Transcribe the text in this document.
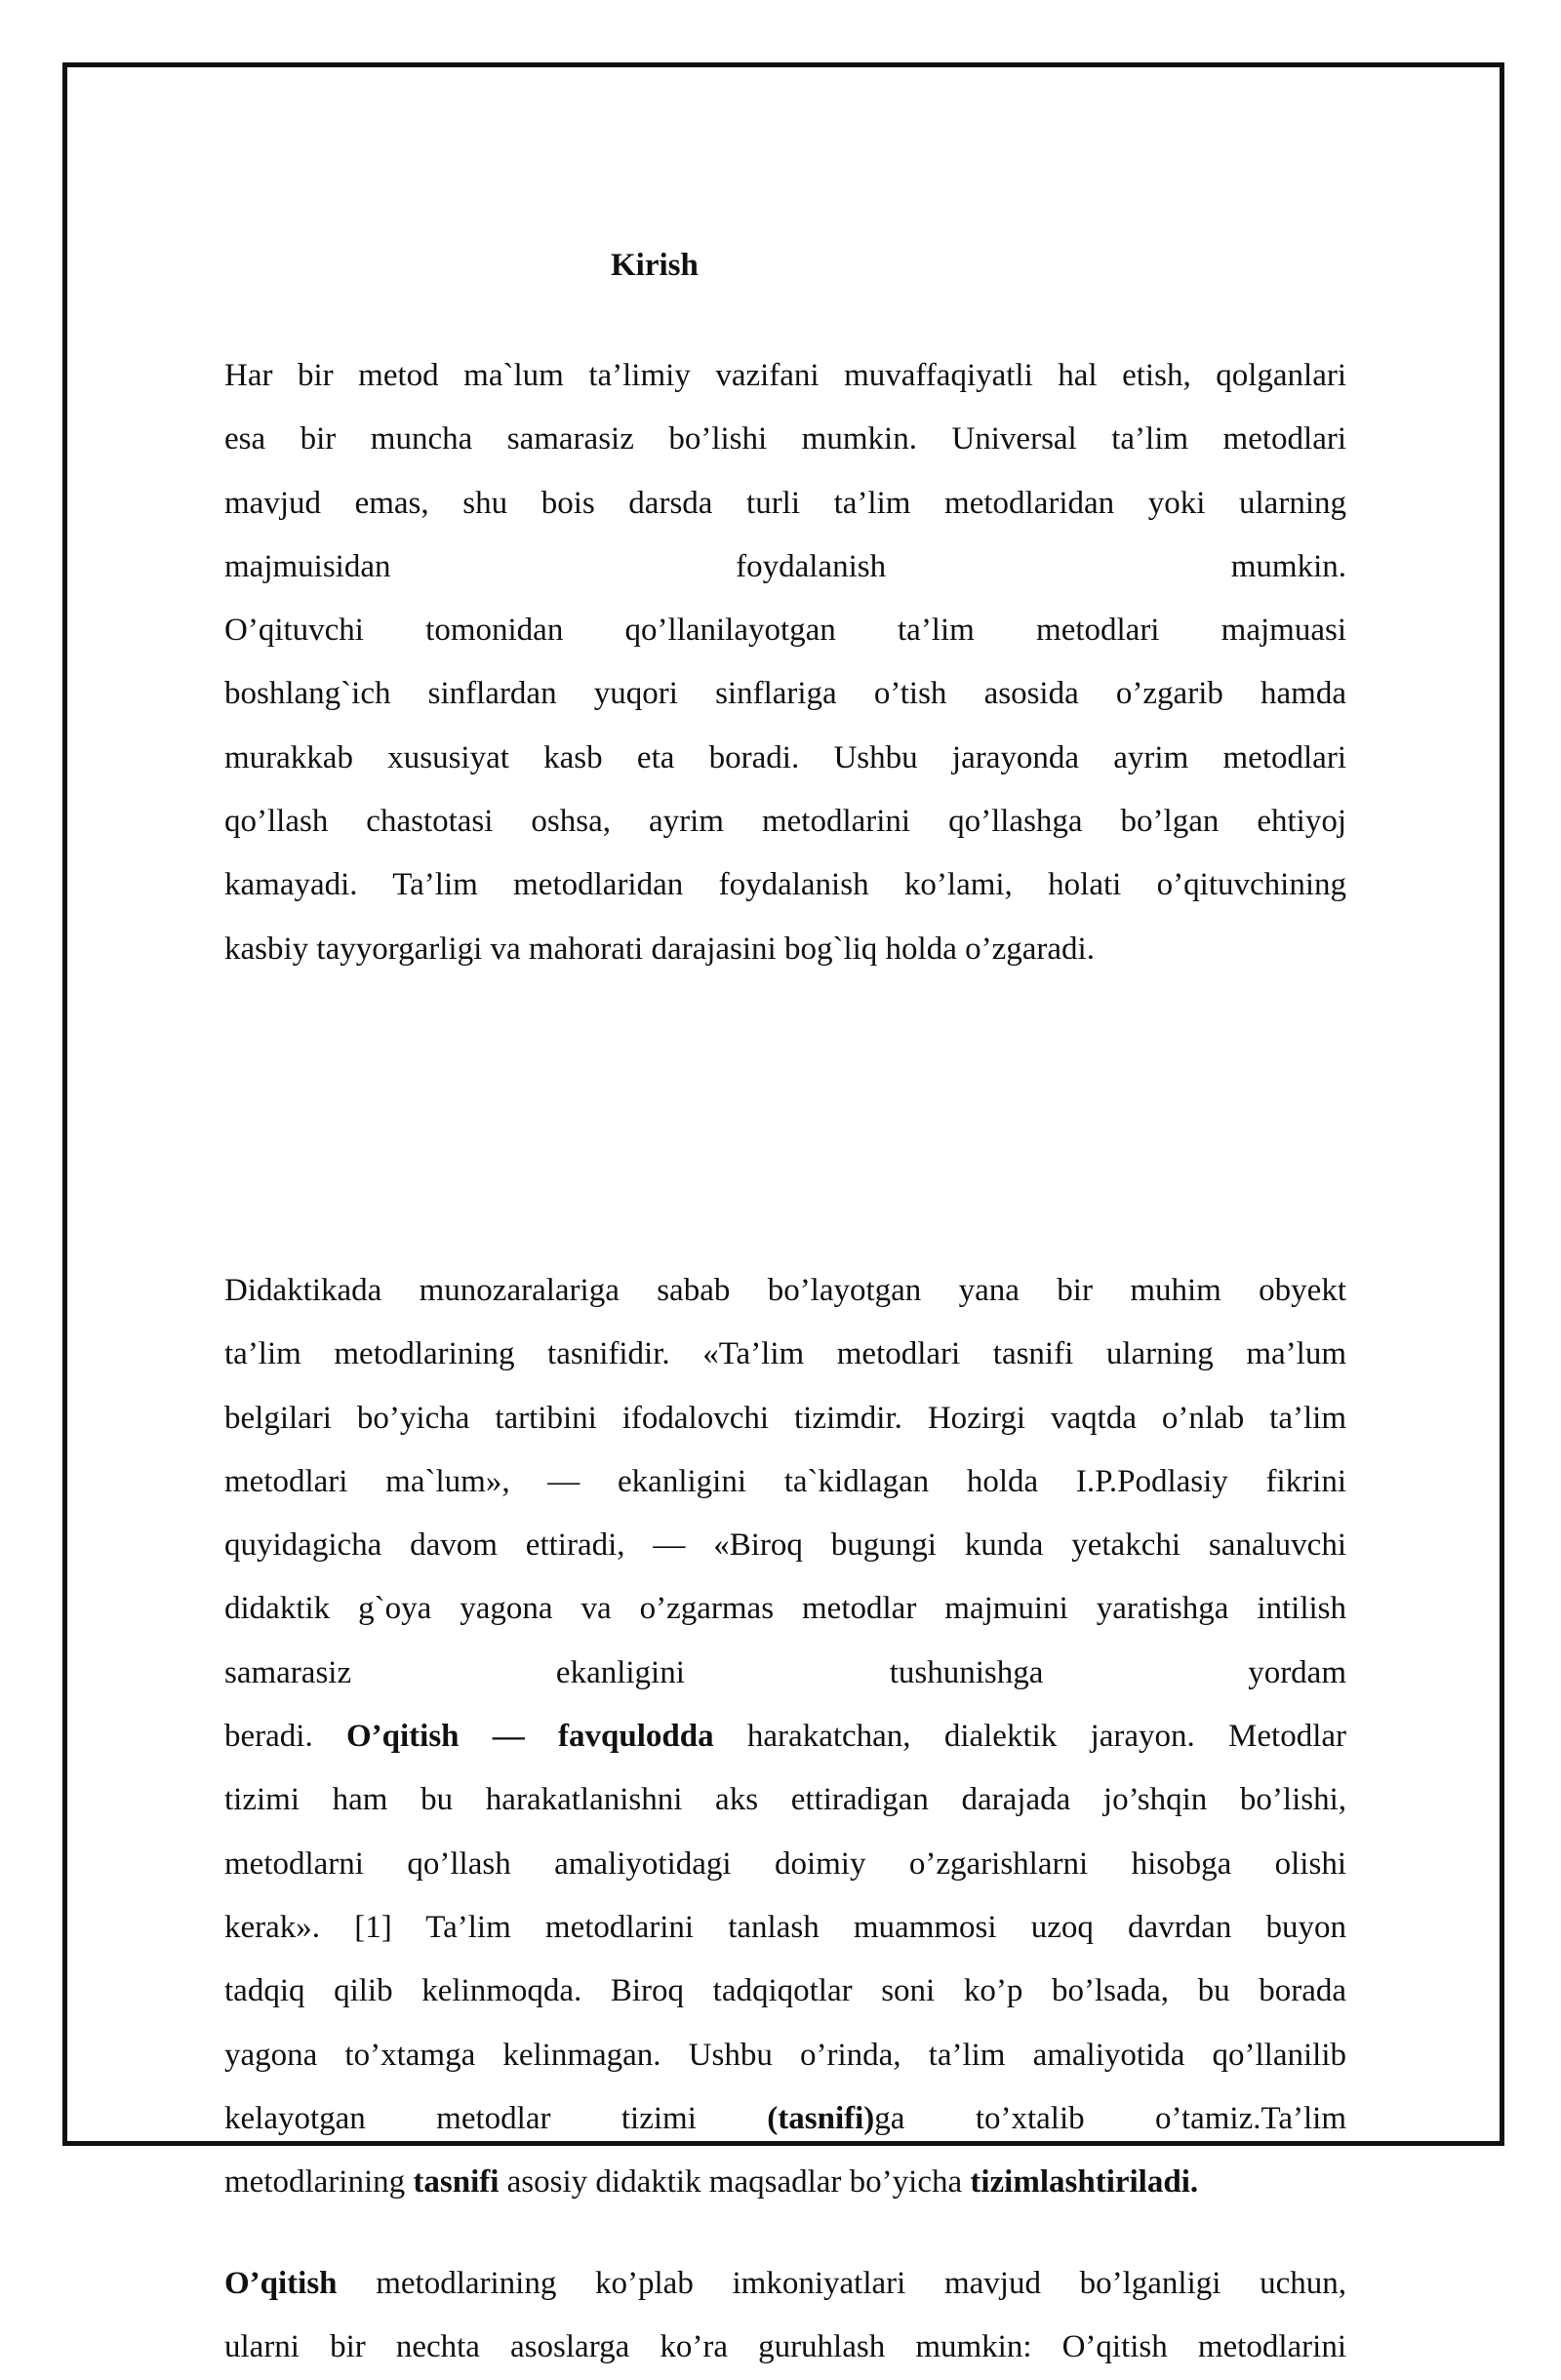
Kirish
Har bir metod ma`lum ta’limiy vazifani muvaffaqiyatli hal etish, qolganlari
esa bir muncha samarasiz bo’lishi mumkin. Universal ta’lim metodlari
mavjud emas, shu bois darsda turli ta’lim metodlaridan yoki ularning
majmuisidan foydalanish mumkin.
O’qituvchi tomonidan qo’llanilayotgan ta’lim metodlari majmuasi
boshlang`ich sinflardan yuqori sinflariga o’tish asosida o’zgarib hamda
murakkab xususiyat kasb eta boradi. Ushbu jarayonda ayrim metodlari
qo’llash chastotasi oshsa, ayrim metodlarini qo’llashga bo’lgan ehtiyoj
kamayadi. Ta’lim metodlaridan foydalanish ko’lami, holati o’qituvchining
kasbiy tayyorgarligi va mahorati darajasini bog`liq holda o’zgaradi.
Didaktikada munozaralariga sabab bo’layotgan yana bir muhim obyekt
ta’lim metodlarining tasnifidir. «Ta’lim metodlari tasnifi ularning ma’lum
belgilari bo’yicha tartibini ifodalovchi tizimdir. Hozirgi vaqtda o’nlab ta’lim
metodlari ma`lum», — ekanligini ta`kidlagan holda I.P.Podlasiy fikrini
quyidagicha davom ettiradi, — «Biroq bugungi kunda yetakchi sanaluvchi
didaktik g`oya yagona va o’zgarmas metodlar majmuini yaratishga intilish
samarasiz ekanligini tushunishga yordam
beradi. O’qitish — favqulodda harakatchan, dialektik jarayon. Metodlar
tizimi ham bu harakatlanishni aks ettiradigan darajada jo’shqin bo’lishi,
metodlarni qo’llash amaliyotidagi doimiy o’zgarishlarni hisobga olishi
kerak». [1] Ta’lim metodlarini tanlash muammosi uzoq davrdan buyon
tadqiq qilib kelinmoqda. Biroq tadqiqotlar soni ko’p bo’lsada, bu borada
yagona to’xtamga kelinmagan. Ushbu o’rinda, ta’lim amaliyotida qo’llanilib
kelayotgan metodlar tizimi (tasnifi)ga to’xtalib o’tamiz.Ta’lim
metodlarining tasnifi asosiy didaktik maqsadlar bo’yicha tizimlashtiriladi.
O’qitish metodlarining ko’plab imkoniyatlari mavjud bo’lganligi uchun,
ularni bir nechta asoslarga ko’ra guruhlash mumkin: O’qitish metodlarini
